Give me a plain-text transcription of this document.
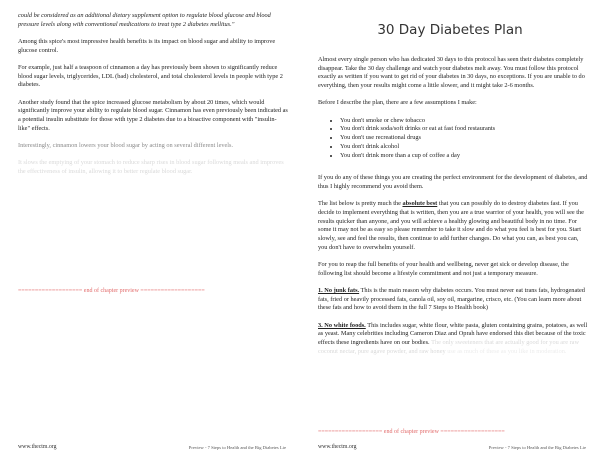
could be considered as an additional dietary supplement option to regulate blood glucose and blood pressure levels along with conventional medications to treat type 2 diabetes mellitus."

Among this spice's most impressive health benefits is its impact on blood sugar and ability to improve glucose control.

For example, just half a teaspoon of cinnamon a day has previously been shown to significantly reduce blood sugar levels, triglycerides, LDL (bad) cholesterol, and total cholesterol levels in people with type 2 diabetes.

Another study found that the spice increased glucose metabolism by about 20 times, which would significantly improve your ability to regulate blood sugar. Cinnamon has even previously been indicated as a potential insulin substitute for those with type 2 diabetes due to a bioactive component with "insulin-like" effects.

Interestingly, cinnamon lowers your blood sugar by acting on several different levels.

It slows the emptying of your stomach to reduce sharp rises in blood sugar following meals and improves the effectiveness of insulin, allowing it to better regulate blood sugar.

=================== end of chapter preview ===================
www.thectm.org	Preview - 7 Steps to Health and the Big Diabetes Lie
30 Day Diabetes Plan

Almost every single person who has dedicated 30 days to this protocol has seen their diabetes completely disappear. Take the 30 day challenge and watch your diabetes melt away. You must follow this protocol exactly as written if you want to get rid of your diabetes in 30 days, no exceptions. If you are unable to do everything, then your results might come a little slower, and it might take 2-6 months.

Before I describe the plan, there are a few assumptions I make:

• You don't smoke or chew tobacco
• You don't drink soda/soft drinks or eat at fast food restaurants
• You don't use recreational drugs
• You don't drink alcohol
• You don't drink more than a cup of coffee a day

If you do any of these things you are creating the perfect environment for the development of diabetes, and thus I highly recommend you avoid them.

The list below is pretty much the absolute best that you can possibly do to destroy diabetes fast. If you decide to implement everything that is written, then you are a true warrior of your health, you will see the results quicker than anyone, and you will achieve a healthy glowing and beautiful body in no time. For some it may not be as easy so please remember to take it slow and do what you feel is best for you. Start slowly, see and feel the results, then continue to add further changes. Do what you can, as best you can, you don't have to overwhelm yourself.

For you to reap the full benefits of your health and wellbeing, never get sick or develop disease, the following list should become a lifestyle commitment and not just a temporary measure.

1. No junk fats. This is the main reason why diabetes occurs. You must never eat trans fats, hydrogenated fats, fried or heavily processed fats, canola oil, soy oil, margarine, crisco, etc. (You can learn more about these fats and how to avoid them in the full 7 Steps to Health book)

3. No white foods. This includes sugar, white flour, white pasta, gluten containing grains, potatoes, as well as yeast. Many celebrities including Cameron Diaz and Oprah have endorsed this diet because of the toxic effects these ingredients have on our bodies. The only sweeteners that are actually good for you are raw coconut nectar, pure agave powder, and raw honey use as much of these as you like in moderation.

=================== end of chapter preview ===================
www.thectm.org	Preview - 7 Steps to Health and the Big Diabetes Lie
